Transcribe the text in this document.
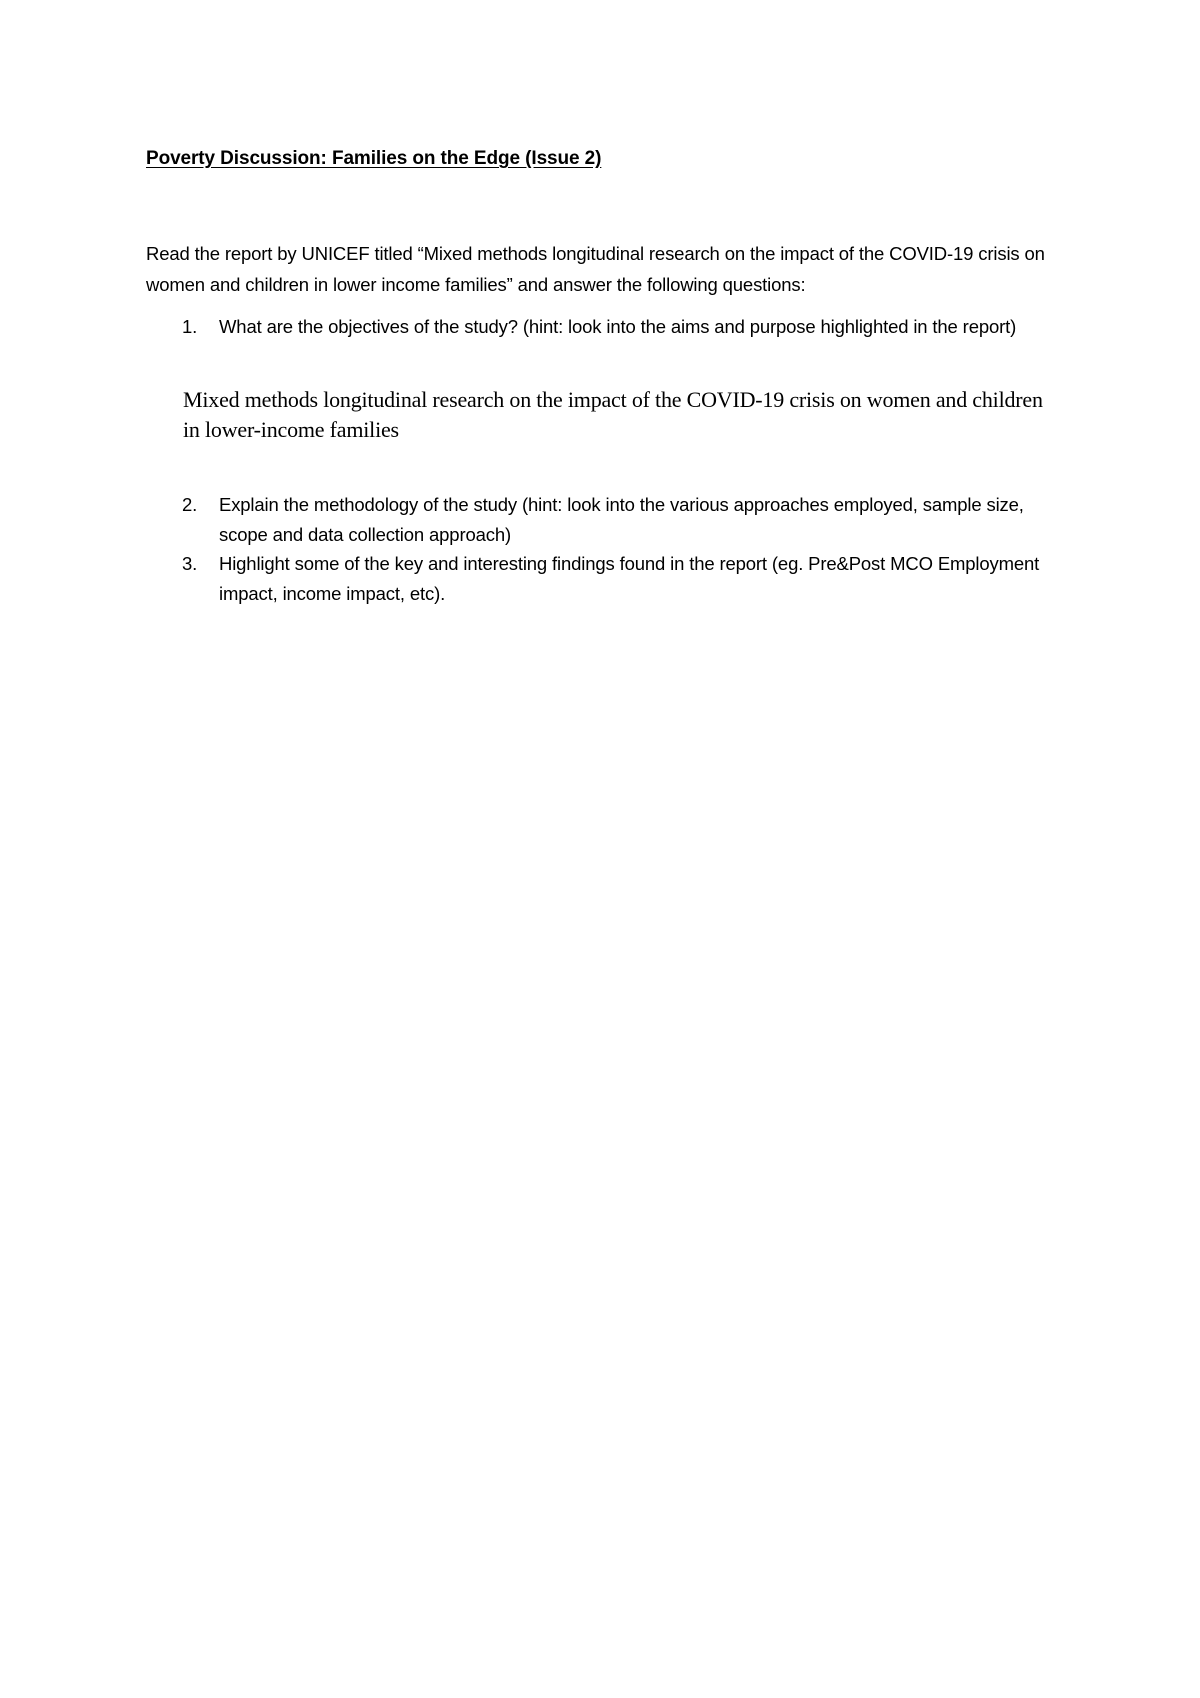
Poverty Discussion: Families on the Edge (Issue 2)
Read the report by UNICEF titled “Mixed methods longitudinal research on the impact of the COVID-19 crisis on women and children in lower income families” and answer the following questions:
1.	What are the objectives of the study? (hint: look into the aims and purpose highlighted in the report)
Mixed methods longitudinal research on the impact of the COVID-19 crisis on women and children in lower-income families
2.	Explain the methodology of the study (hint: look into the various approaches employed, sample size, scope and data collection approach)
3.	Highlight some of the key and interesting findings found in the report (eg. Pre&Post MCO Employment impact, income impact, etc).
